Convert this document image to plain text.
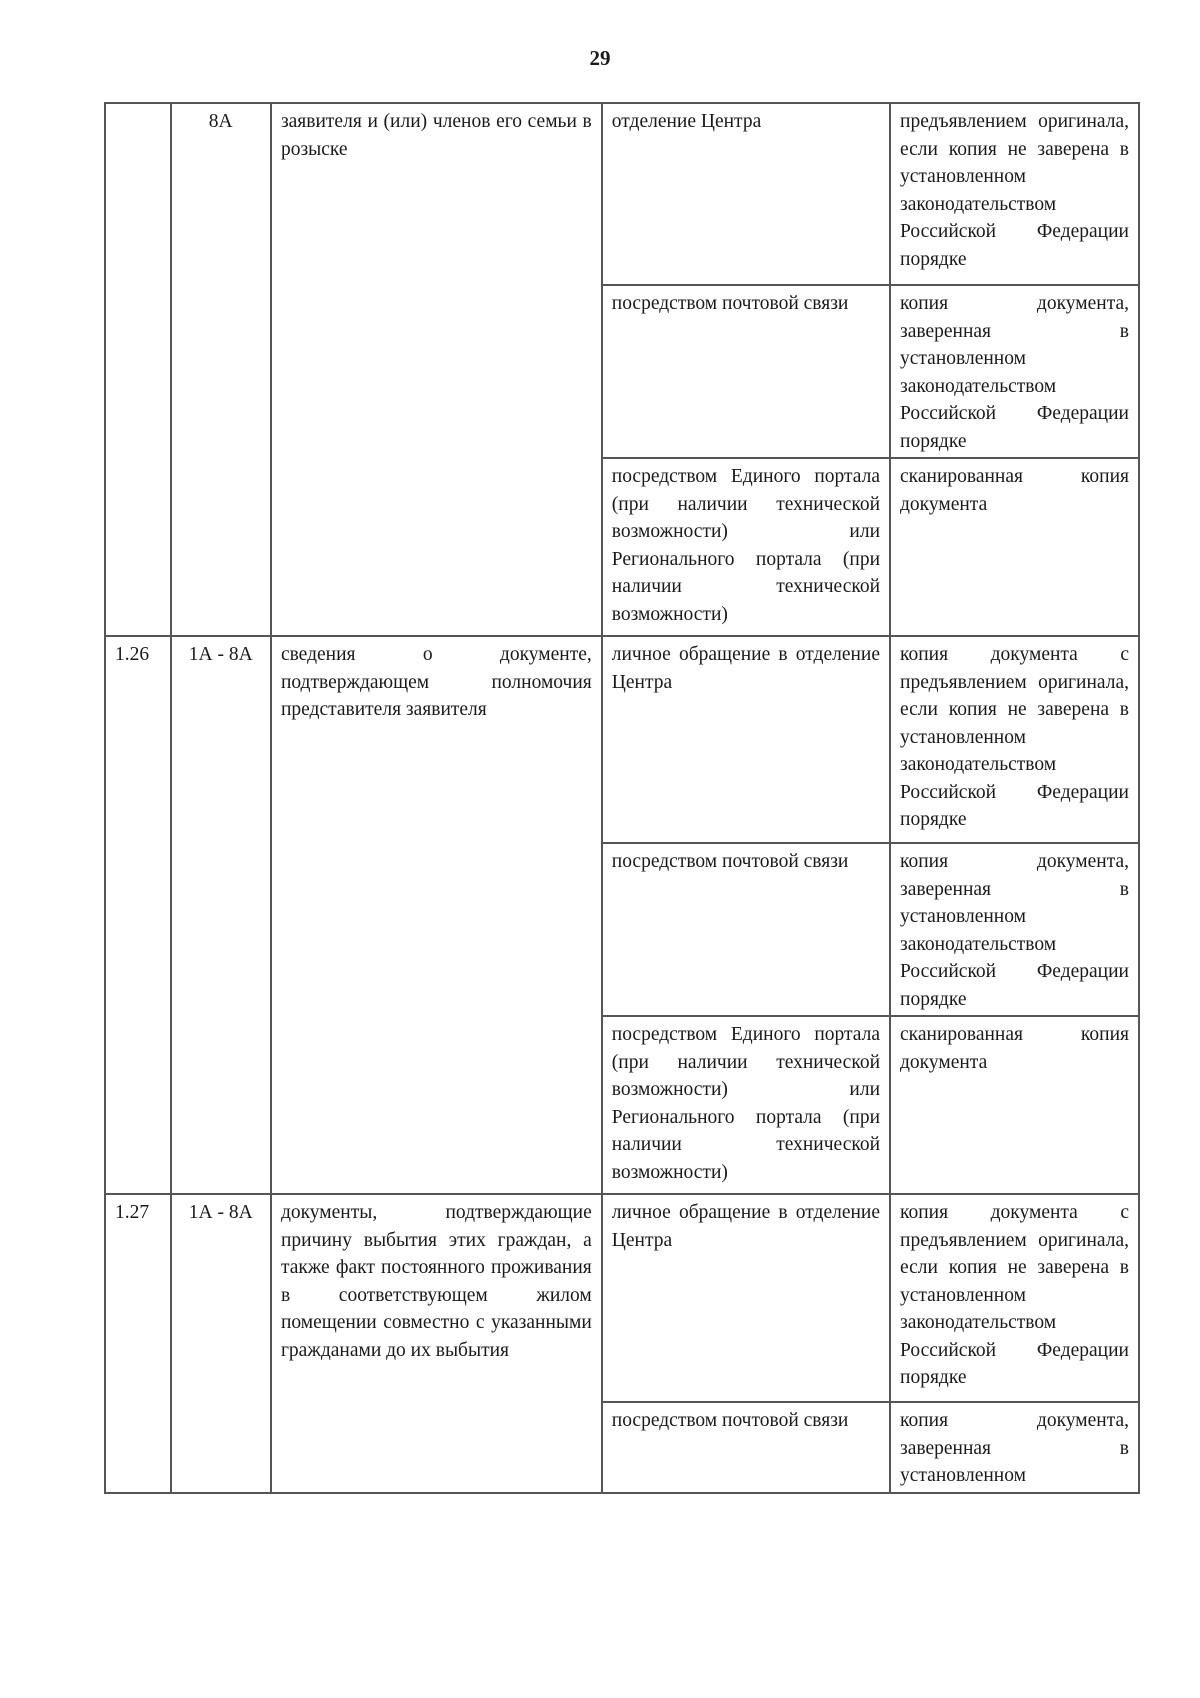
29
	8А	заявителя и (или) членов его семьи в розыске	отделение Центра	предъявлением оригинала, если копия не заверена в установленном законодательством Российской Федерации порядке
			посредством почтовой связи	копия документа, заверенная в установленном законодательством Российской Федерации порядке
			посредством Единого портала (при наличии технической возможности) или Регионального портала (при наличии технической возможности)	сканированная копия документа
1.26	1А - 8А	сведения о документе, подтверждающем полномочия представителя заявителя	личное обращение в отделение Центра	копия документа с предъявлением оригинала, если копия не заверена в установленном законодательством Российской Федерации порядке
			посредством почтовой связи	копия документа, заверенная в установленном законодательством Российской Федерации порядке
			посредством Единого портала (при наличии технической возможности) или Регионального портала (при наличии технической возможности)	сканированная копия документа
1.27	1А - 8А	документы, подтверждающие причину выбытия этих граждан, а также факт постоянного проживания в соответствующем жилом помещении совместно с указанными гражданами до их выбытия	личное обращение в отделение Центра	копия документа с предъявлением оригинала, если копия не заверена в установленном законодательством Российской Федерации порядке
			посредством почтовой связи	копия документа, заверенная в установленном
